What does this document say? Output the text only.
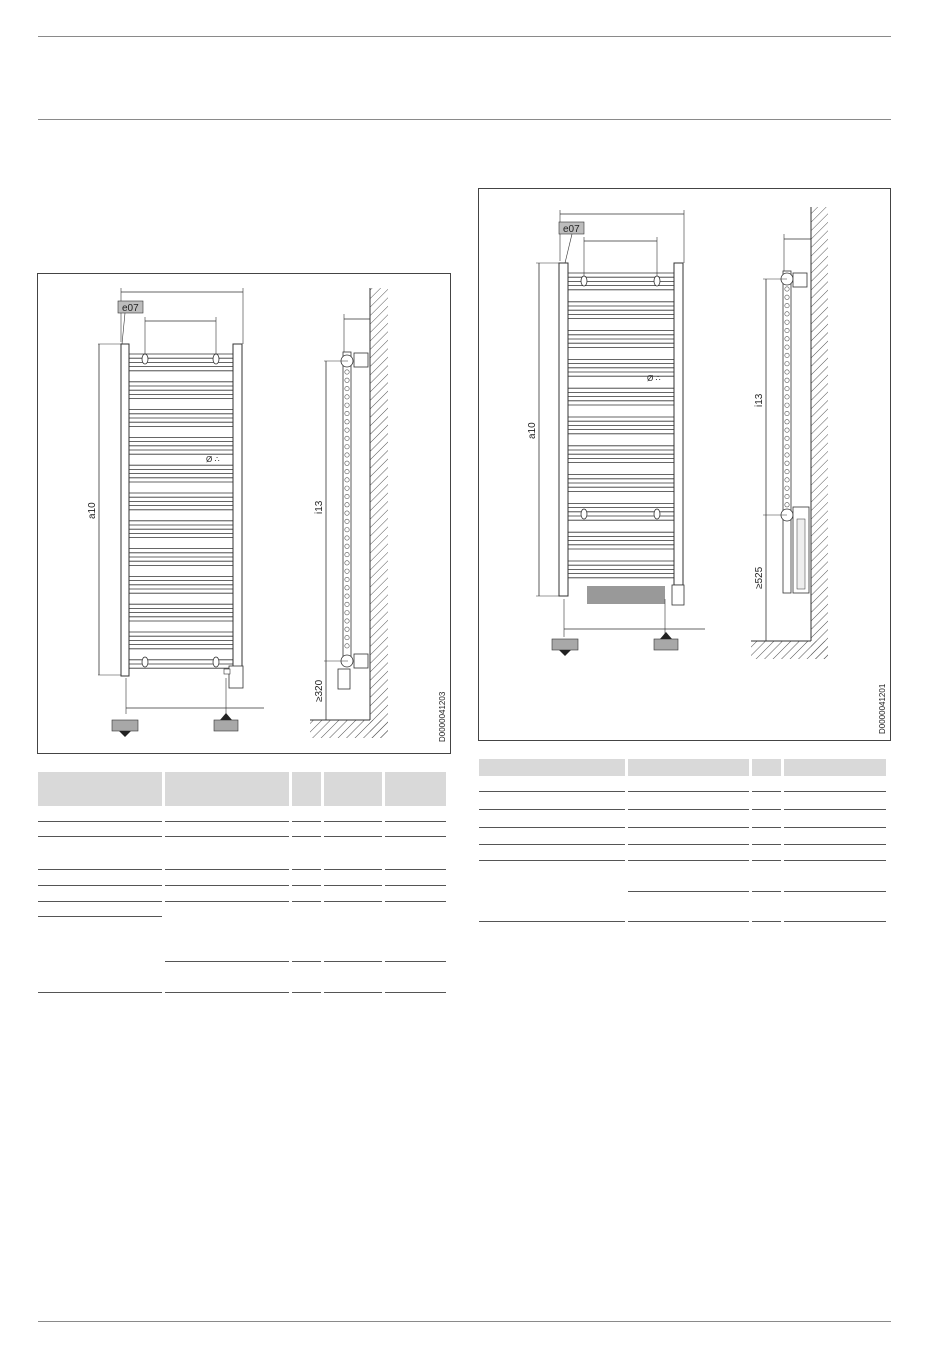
e07
a10
Ø ∴
i13
≥320
D0000041203
e07
a10
Ø ∴
i13
≥525
D0000041201
